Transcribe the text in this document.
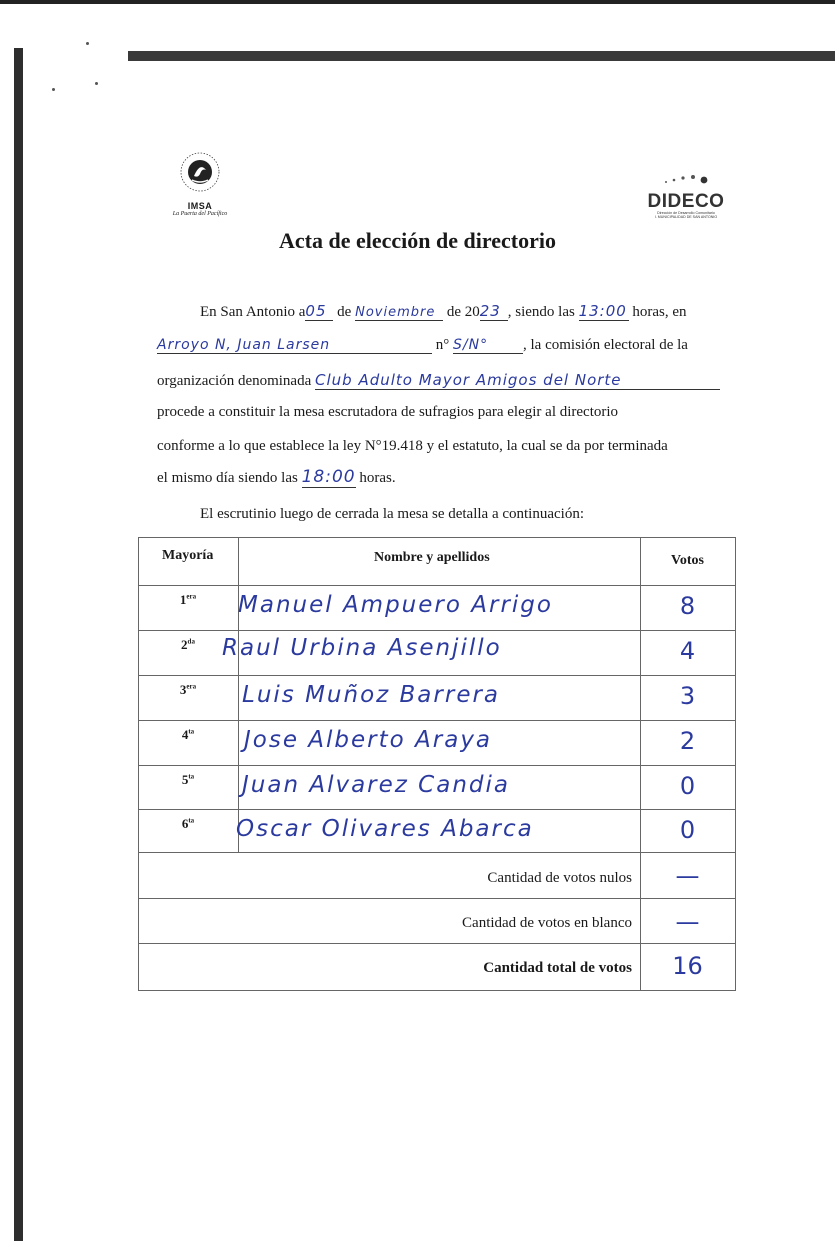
IMSA
La Puerta del Pacífico
DIDECO
Dirección de Desarrollo Comunitario
I. MUNICIPALIDAD DE SAN ANTONIO
Acta de elección de directorio
En San Antonio a05 de Noviembre de 2023 , siendo las 13:00 horas, en
Arroyo N, Juan Larsen	n° S/N° , la comisión electoral de la
organización denominada Club Adulto Mayor Amigos del Norte
procede a constituir la mesa escrutadora de sufragios para elegir al directorio
conforme a lo que establece la ley N°19.418 y el estatuto, la cual se da por terminada
el mismo día siendo las 18:00 horas.
El escrutinio luego de cerrada la mesa se detalla a continuación:
Mayoría	Nombre y apellidos	Votos
$1^{era}$	Manuel Ampuero Arrigo	8
$2^{da}$	Raul Urbina Asenjillo	4
$3^{era}$	Luis Muñoz Barrera	3
$4^{ta}$	Jose Alberto Araya	2
$5^{ta}$	Juan Alvarez Candia	0
$6^{ta}$	Oscar Olivares Abarca	0
Cantidad de votos nulos	—
Cantidad de votos en blanco	—
Cantidad total de votos	16
